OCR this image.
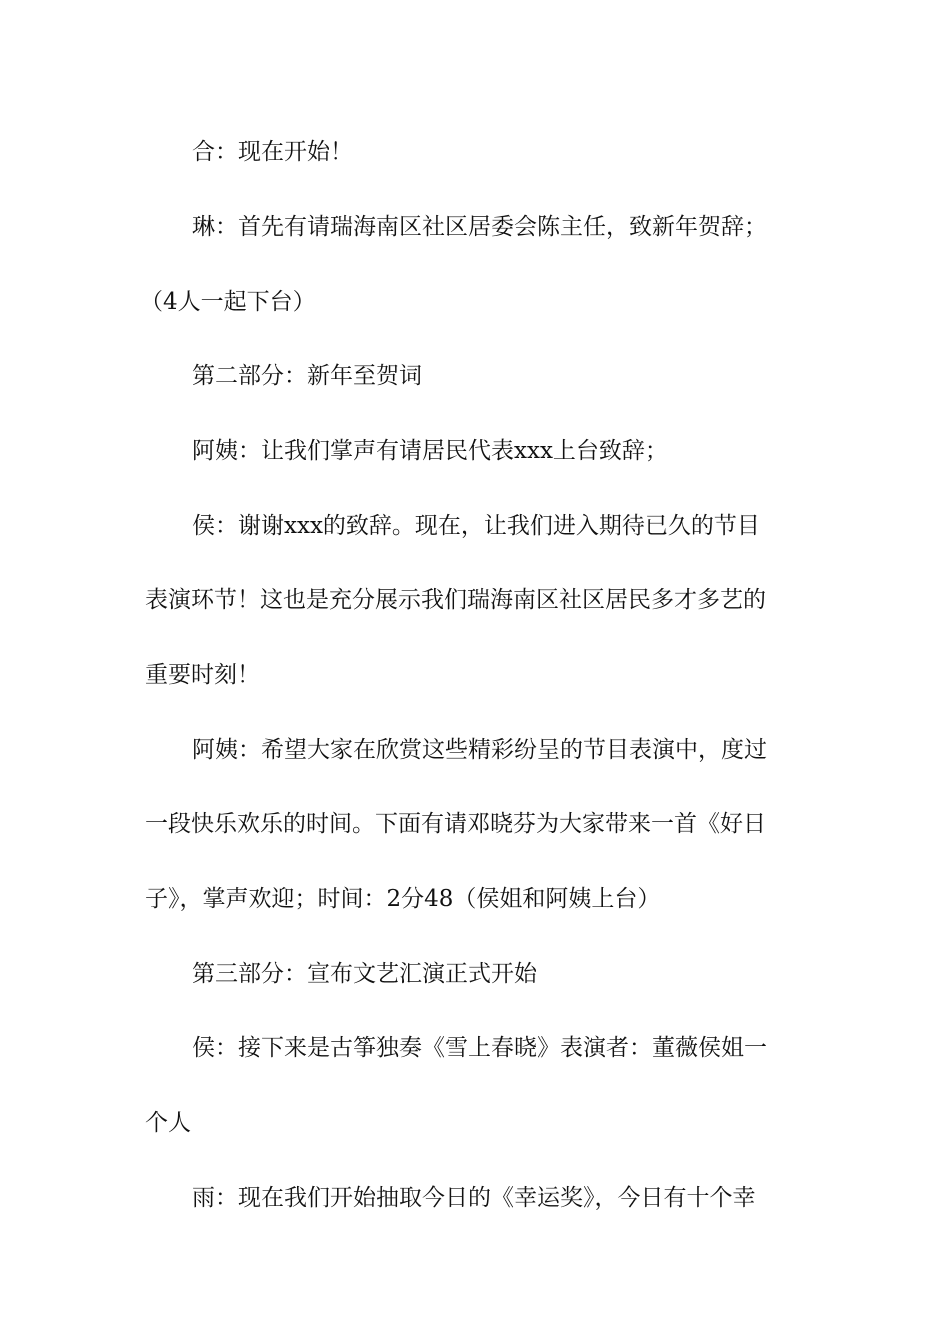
合：现在开始！
琳：首先有请瑞海南区社区居委会陈主任，致新年贺辞；
（4人一起下台）
第二部分：新年至贺词
阿姨：让我们掌声有请居民代表xxx上台致辞；
侯：谢谢xxx的致辞。现在，让我们进入期待已久的节目
表演环节！这也是充分展示我们瑞海南区社区居民多才多艺的
重要时刻！
阿姨：希望大家在欣赏这些精彩纷呈的节目表演中，度过
一段快乐欢乐的时间。下面有请邓晓芬为大家带来一首《好日
子》，掌声欢迎；时间：2分48（侯姐和阿姨上台）
第三部分：宣布文艺汇演正式开始
侯：接下来是古筝独奏《雪上春晓》表演者：董薇侯姐一
个人
雨：现在我们开始抽取今日的《幸运奖》，今日有十个幸
